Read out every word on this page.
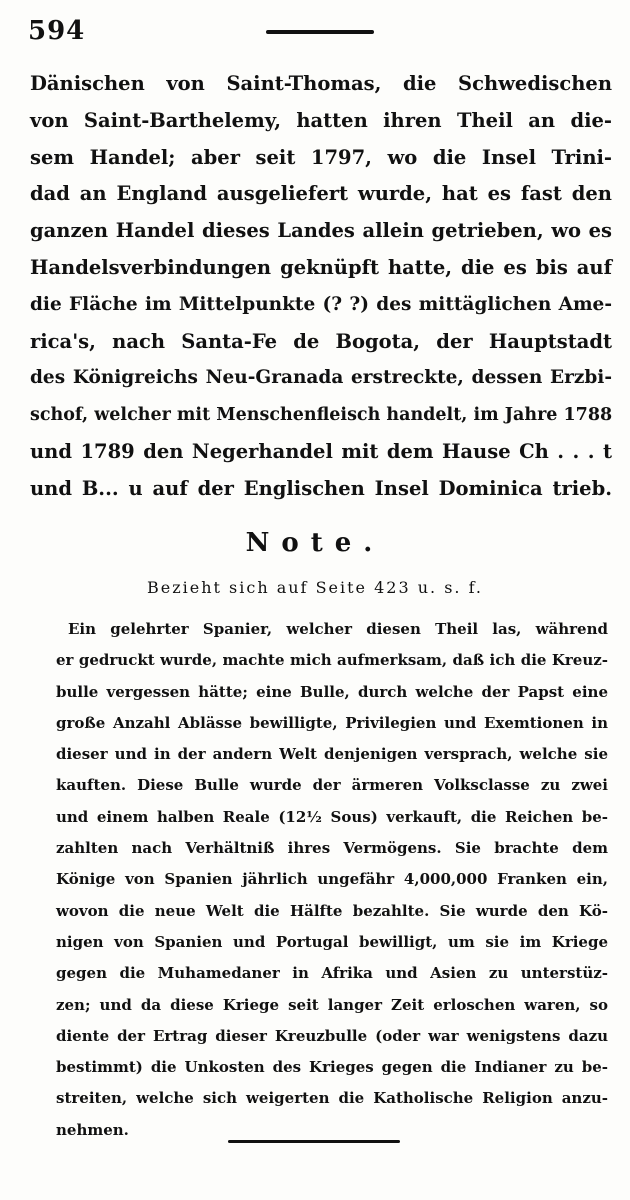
594
Dänischen von Saint-Thomas, die Schwedischen
von Saint-Barthelemy, hatten ihren Theil an die-
sem Handel; aber seit 1797, wo die Insel Trini-
dad an England ausgeliefert wurde, hat es fast den
ganzen Handel dieses Landes allein getrieben, wo es
Handelsverbindungen geknüpft hatte, die es bis auf
die Fläche im Mittelpunkte (? ?) des mittäglichen Ame-
rica's, nach Santa-Fe de Bogota, der Hauptstadt
des Königreichs Neu-Granada erstreckte, dessen Erzbi-
schof, welcher mit Menschenfleisch handelt, im Jahre 1788
und 1789 den Negerhandel mit dem Hause Ch . . . t
und B... u auf der Englischen Insel Dominica trieb.
Note.
Bezieht sich auf Seite 423 u. s. f.
Ein gelehrter Spanier, welcher diesen Theil las, während
er gedruckt wurde, machte mich aufmerksam, daß ich die Kreuz-
bulle vergessen hätte; eine Bulle, durch welche der Papst eine
große Anzahl Ablässe bewilligte, Privilegien und Exemtionen in
dieser und in der andern Welt denjenigen versprach, welche sie
kauften. Diese Bulle wurde der ärmeren Volksclasse zu zwei
und einem halben Reale (12½ Sous) verkauft, die Reichen be-
zahlten nach Verhältniß ihres Vermögens. Sie brachte dem
Könige von Spanien jährlich ungefähr 4,000,000 Franken ein,
wovon die neue Welt die Hälfte bezahlte. Sie wurde den Kö-
nigen von Spanien und Portugal bewilligt, um sie im Kriege
gegen die Muhamedaner in Afrika und Asien zu unterstüz-
zen; und da diese Kriege seit langer Zeit erloschen waren, so
diente der Ertrag dieser Kreuzbulle (oder war wenigstens dazu
bestimmt) die Unkosten des Krieges gegen die Indianer zu be-
streiten, welche sich weigerten die Katholische Religion anzu-
nehmen.
